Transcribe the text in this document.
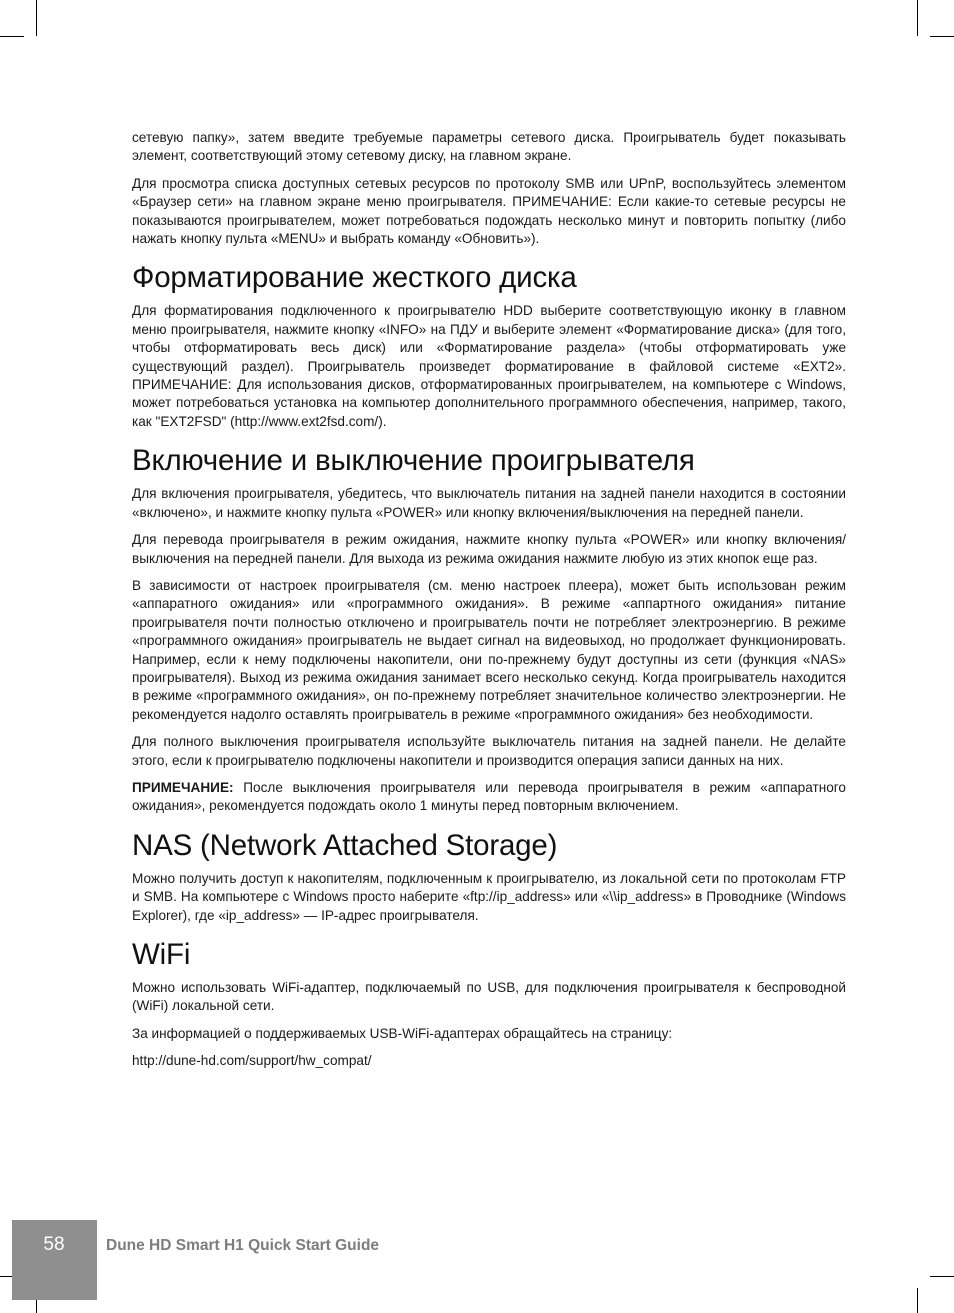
сетевую папку», затем введите требуемые параметры сетевого диска. Проигрыватель будет показывать элемент, соответствующий этому сетевому диску, на главном экране.

Для просмотра списка доступных сетевых ресурсов по протоколу SMB или UPnP, воспользуйтесь элементом «Браузер сети» на главном экране меню проигрывателя. ПРИМЕЧАНИЕ: Если какие-то сетевые ресурсы не показываются проигрывателем, может потребоваться подождать несколько минут и повторить попытку (либо нажать кнопку пульта «MENU» и выбрать команду «Обновить»).

Форматирование жесткого диска

Для форматирования подключенного к проигрывателю HDD выберите соответствующую иконку в главном меню проигрывателя, нажмите кнопку «INFO» на ПДУ и выберите элемент «Форматирование диска» (для того, чтобы отформатировать весь диск) или «Форматирование раздела» (чтобы отформатировать уже существующий раздел). Проигрыватель произведет форматирование в файловой системе «EXT2». ПРИМЕЧАНИЕ: Для использования дисков, отформатированных проигрывателем, на компьютере с Windows, может потребоваться установка на компьютер дополнительного программного обеспечения, например, такого, как "EXT2FSD" (http://www.ext2fsd.com/).

Включение и выключение проигрывателя

Для включения проигрывателя, убедитесь, что выключатель питания на задней панели находится в состоянии «включено», и нажмите кнопку пульта «POWER» или кнопку включения/выключения на передней панели.

Для перевода проигрывателя в режим ожидания, нажмите кнопку пульта «POWER» или кнопку включения/выключения на передней панели. Для выхода из режима ожидания нажмите любую из этих кнопок еще раз.

В зависимости от настроек проигрывателя (см. меню настроек плеера), может быть использован режим «аппаратного ожидания» или «программного ожидания». В режиме «аппартного ожидания» питание проигрывателя почти полностью отключено и проигрыватель почти не потребляет электроэнергию. В режиме «программного ожидания» проигрыватель не выдает сигнал на видеовыход, но продолжает функционировать. Например, если к нему подключены накопители, они по-прежнему будут доступны из сети (функция «NAS» проигрывателя). Выход из режима ожидания занимает всего несколько секунд. Когда проигрыватель находится в режиме «программного ожидания», он по-прежнему потребляет значительное количество электроэнергии. Не рекомендуется надолго оставлять проигрыватель в режиме «программного ожидания» без необходимости.

Для полного выключения проигрывателя используйте выключатель питания на задней панели. Не делайте этого, если к проигрывателю подключены накопители и производится операция записи данных на них.

ПРИМЕЧАНИЕ: После выключения проигрывателя или перевода проигрывателя в режим «аппаратного ожидания», рекомендуется подождать около 1 минуты перед повторным включением.

NAS (Network Attached Storage)

Можно получить доступ к накопителям, подключенным к проигрывателю, из локальной сети по протоколам FTP и SMB. На компьютере с Windows просто наберите «ftp://ip_address» или «\\ip_address» в Проводнике (Windows Explorer), где «ip_address» — IP-адрес проигрывателя.

WiFi

Можно использовать WiFi-адаптер, подключаемый по USB, для подключения проигрывателя к беспроводной (WiFi) локальной сети.

За информацией о поддерживаемых USB-WiFi-адаптерах обращайтесь на страницу:

http://dune-hd.com/support/hw_compat/

58	Dune HD Smart H1 Quick Start Guide
